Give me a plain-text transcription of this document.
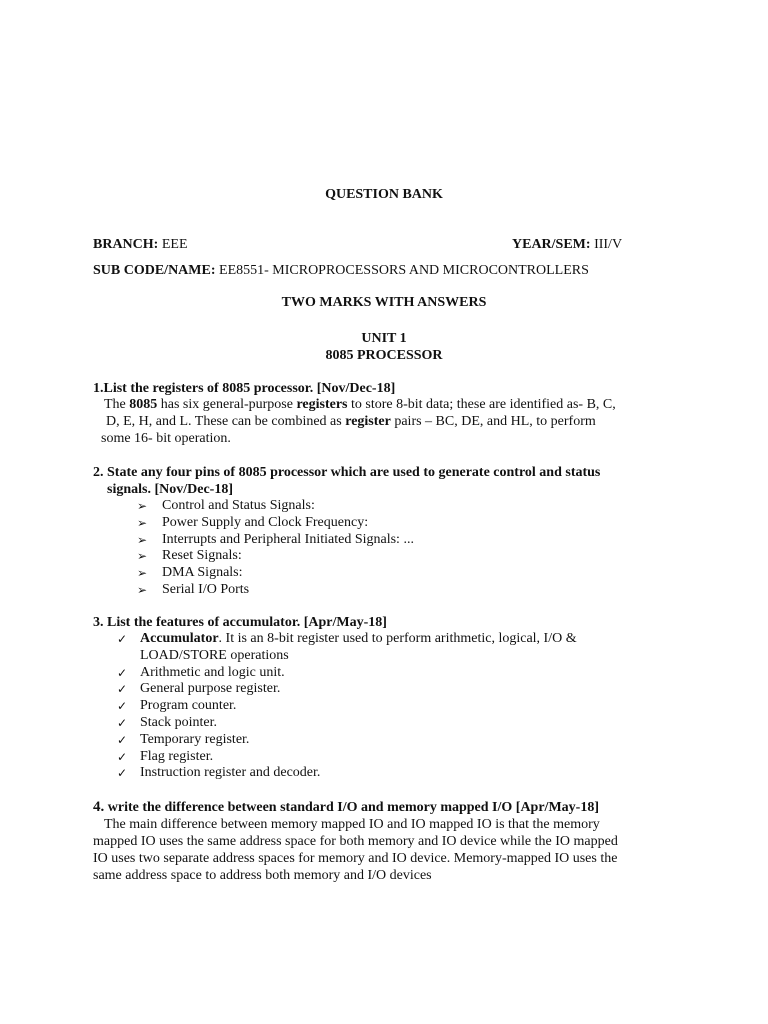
QUESTION BANK
BRANCH: EEE	YEAR/SEM: III/V
SUB CODE/NAME: EE8551- MICROPROCESSORS AND MICROCONTROLLERS
TWO MARKS WITH ANSWERS
UNIT 1
8085 PROCESSOR
1.List the registers of 8085 processor. [Nov/Dec-18]
The 8085 has six general-purpose registers to store 8-bit data; these are identified as- B, C,
D, E, H, and L. These can be combined as register pairs – BC, DE, and HL, to perform
some 16- bit operation.
2. State any four pins of 8085 processor which are used to generate control and status
signals. [Nov/Dec-18]
➢	Control and Status Signals:
➢	Power Supply and Clock Frequency:
➢	Interrupts and Peripheral Initiated Signals: ...
➢	Reset Signals:
➢	DMA Signals:
➢	Serial I/O Ports
3. List the features of accumulator. [Apr/May-18]
✓ Accumulator. It is an 8-bit register used to perform arithmetic, logical, I/O &
LOAD/STORE operations
✓ Arithmetic and logic unit.
✓ General purpose register.
✓ Program counter.
✓ Stack pointer.
✓ Temporary register.
✓ Flag register.
✓ Instruction register and decoder.
4. write the difference between standard I/O and memory mapped I/O [Apr/May-18]
The main difference between memory mapped IO and IO mapped IO is that the memory
mapped IO uses the same address space for both memory and IO device while the IO mapped
IO uses two separate address spaces for memory and IO device. Memory-mapped IO uses the
same address space to address both memory and I/O devices
